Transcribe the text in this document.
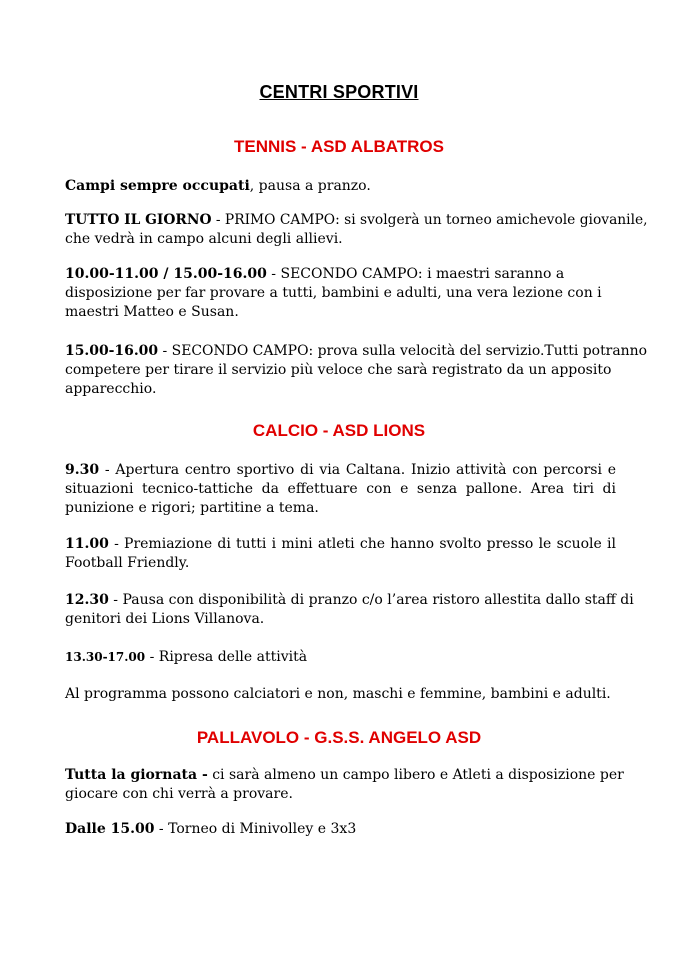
CENTRI SPORTIVI
TENNIS - ASD ALBATROS
Campi sempre occupati, pausa a pranzo.
TUTTO IL GIORNO - PRIMO CAMPO: si svolgerà un torneo amichevole giovanile,
che vedrà in campo alcuni degli allievi.
10.00-11.00 / 15.00-16.00 - SECONDO CAMPO: i maestri saranno a
disposizione per far provare a tutti, bambini e adulti, una vera lezione con i
maestri Matteo e Susan.
15.00-16.00 - SECONDO CAMPO: prova sulla velocità del servizio.Tutti potranno
competere per tirare il servizio più veloce che sarà registrato da un apposito
apparecchio.
CALCIO - ASD LIONS
9.30 - Apertura centro sportivo di via Caltana. Inizio attività con percorsi e
situazioni tecnico-tattiche da effettuare con e senza pallone. Area tiri di
punizione e rigori; partitine a tema.
11.00 - Premiazione di tutti i mini atleti che hanno svolto presso le scuole il
Football Friendly.
12.30 - Pausa con disponibilità di pranzo c/o l’area ristoro allestita dallo staff di
genitori dei Lions Villanova.
13.30-17.00 - Ripresa delle attività
Al programma possono calciatori e non, maschi e femmine, bambini e adulti.
PALLAVOLO - G.S.S. ANGELO ASD
Tutta la giornata - ci sarà almeno un campo libero e Atleti a disposizione per
giocare con chi verrà a provare.
Dalle 15.00 - Torneo di Minivolley e 3x3
